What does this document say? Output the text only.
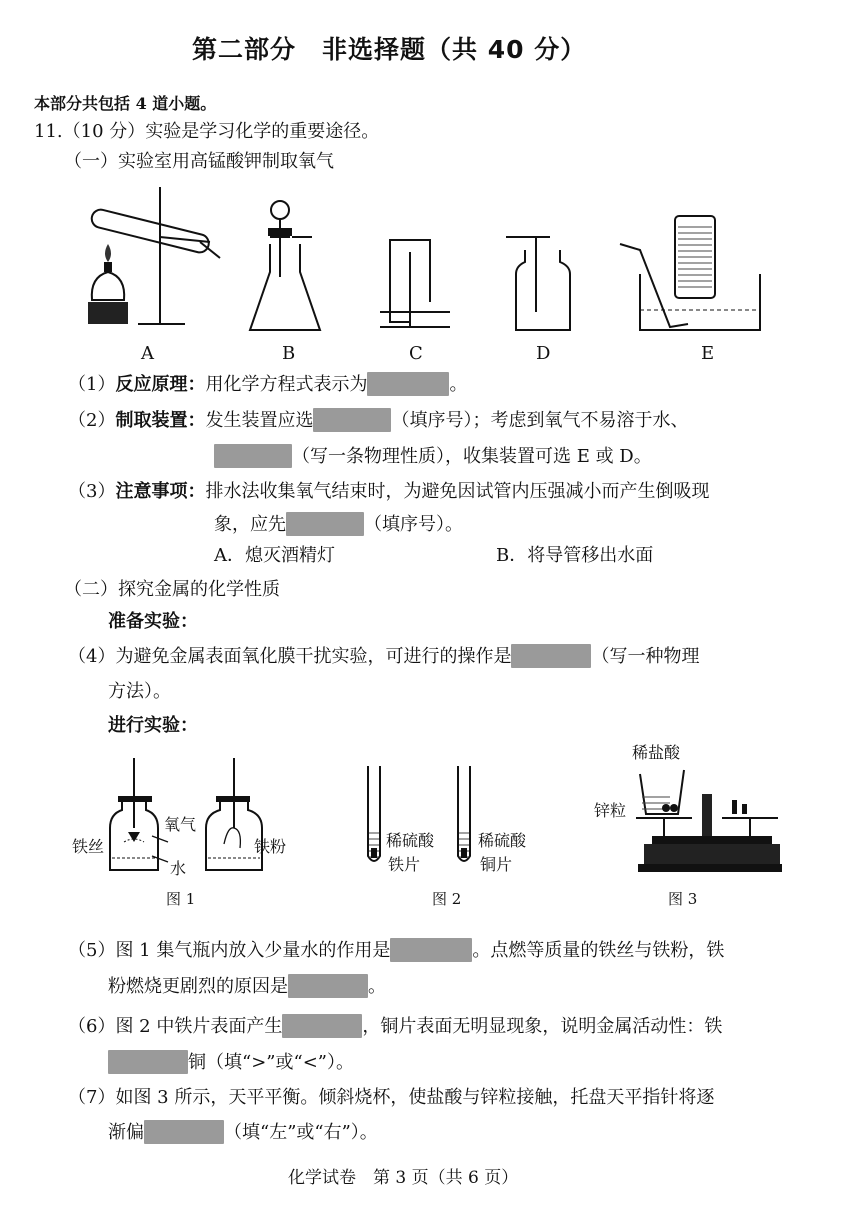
第二部分　非选择题（共 40 分）
本部分共包括 4 道小题。
11.（10 分）实验是学习化学的重要途径。
（一）实验室用高锰酸钾制取氧气
A	B	C	D	E
（1）反应原理：用化学方程式表示为	。
（2）制取装置：发生装置应选	（填序号）；考虑到氧气不易溶于水、
（写一条物理性质），收集装置可选 E 或 D。
（3）注意事项：排水法收集氧气结束时，为避免因试管内压强减小而产生倒吸现
象，应先	（填序号）。
A．熄灭酒精灯	B．将导管移出水面
（二）探究金属的化学性质
准备实验：
（4）为避免金属表面氧化膜干扰实验，可进行的操作是	（写一种物理
方法）。
进行实验：
铁丝
氧气
水
铁粉
图 1
稀硫酸
铁片
稀硫酸
铜片
图 2
稀盐酸
锌粒
图 3
（5）图 1 集气瓶内放入少量水的作用是	。点燃等质量的铁丝与铁粉，铁
粉燃烧更剧烈的原因是	。
（6）图 2 中铁片表面产生	，铜片表面无明显现象，说明金属活动性：铁
铜（填“>”或“<”）。
（7）如图 3 所示，天平平衡。倾斜烧杯，使盐酸与锌粒接触，托盘天平指针将逐
渐偏	（填“左”或“右”）。
化学试卷　第 3 页（共 6 页）
